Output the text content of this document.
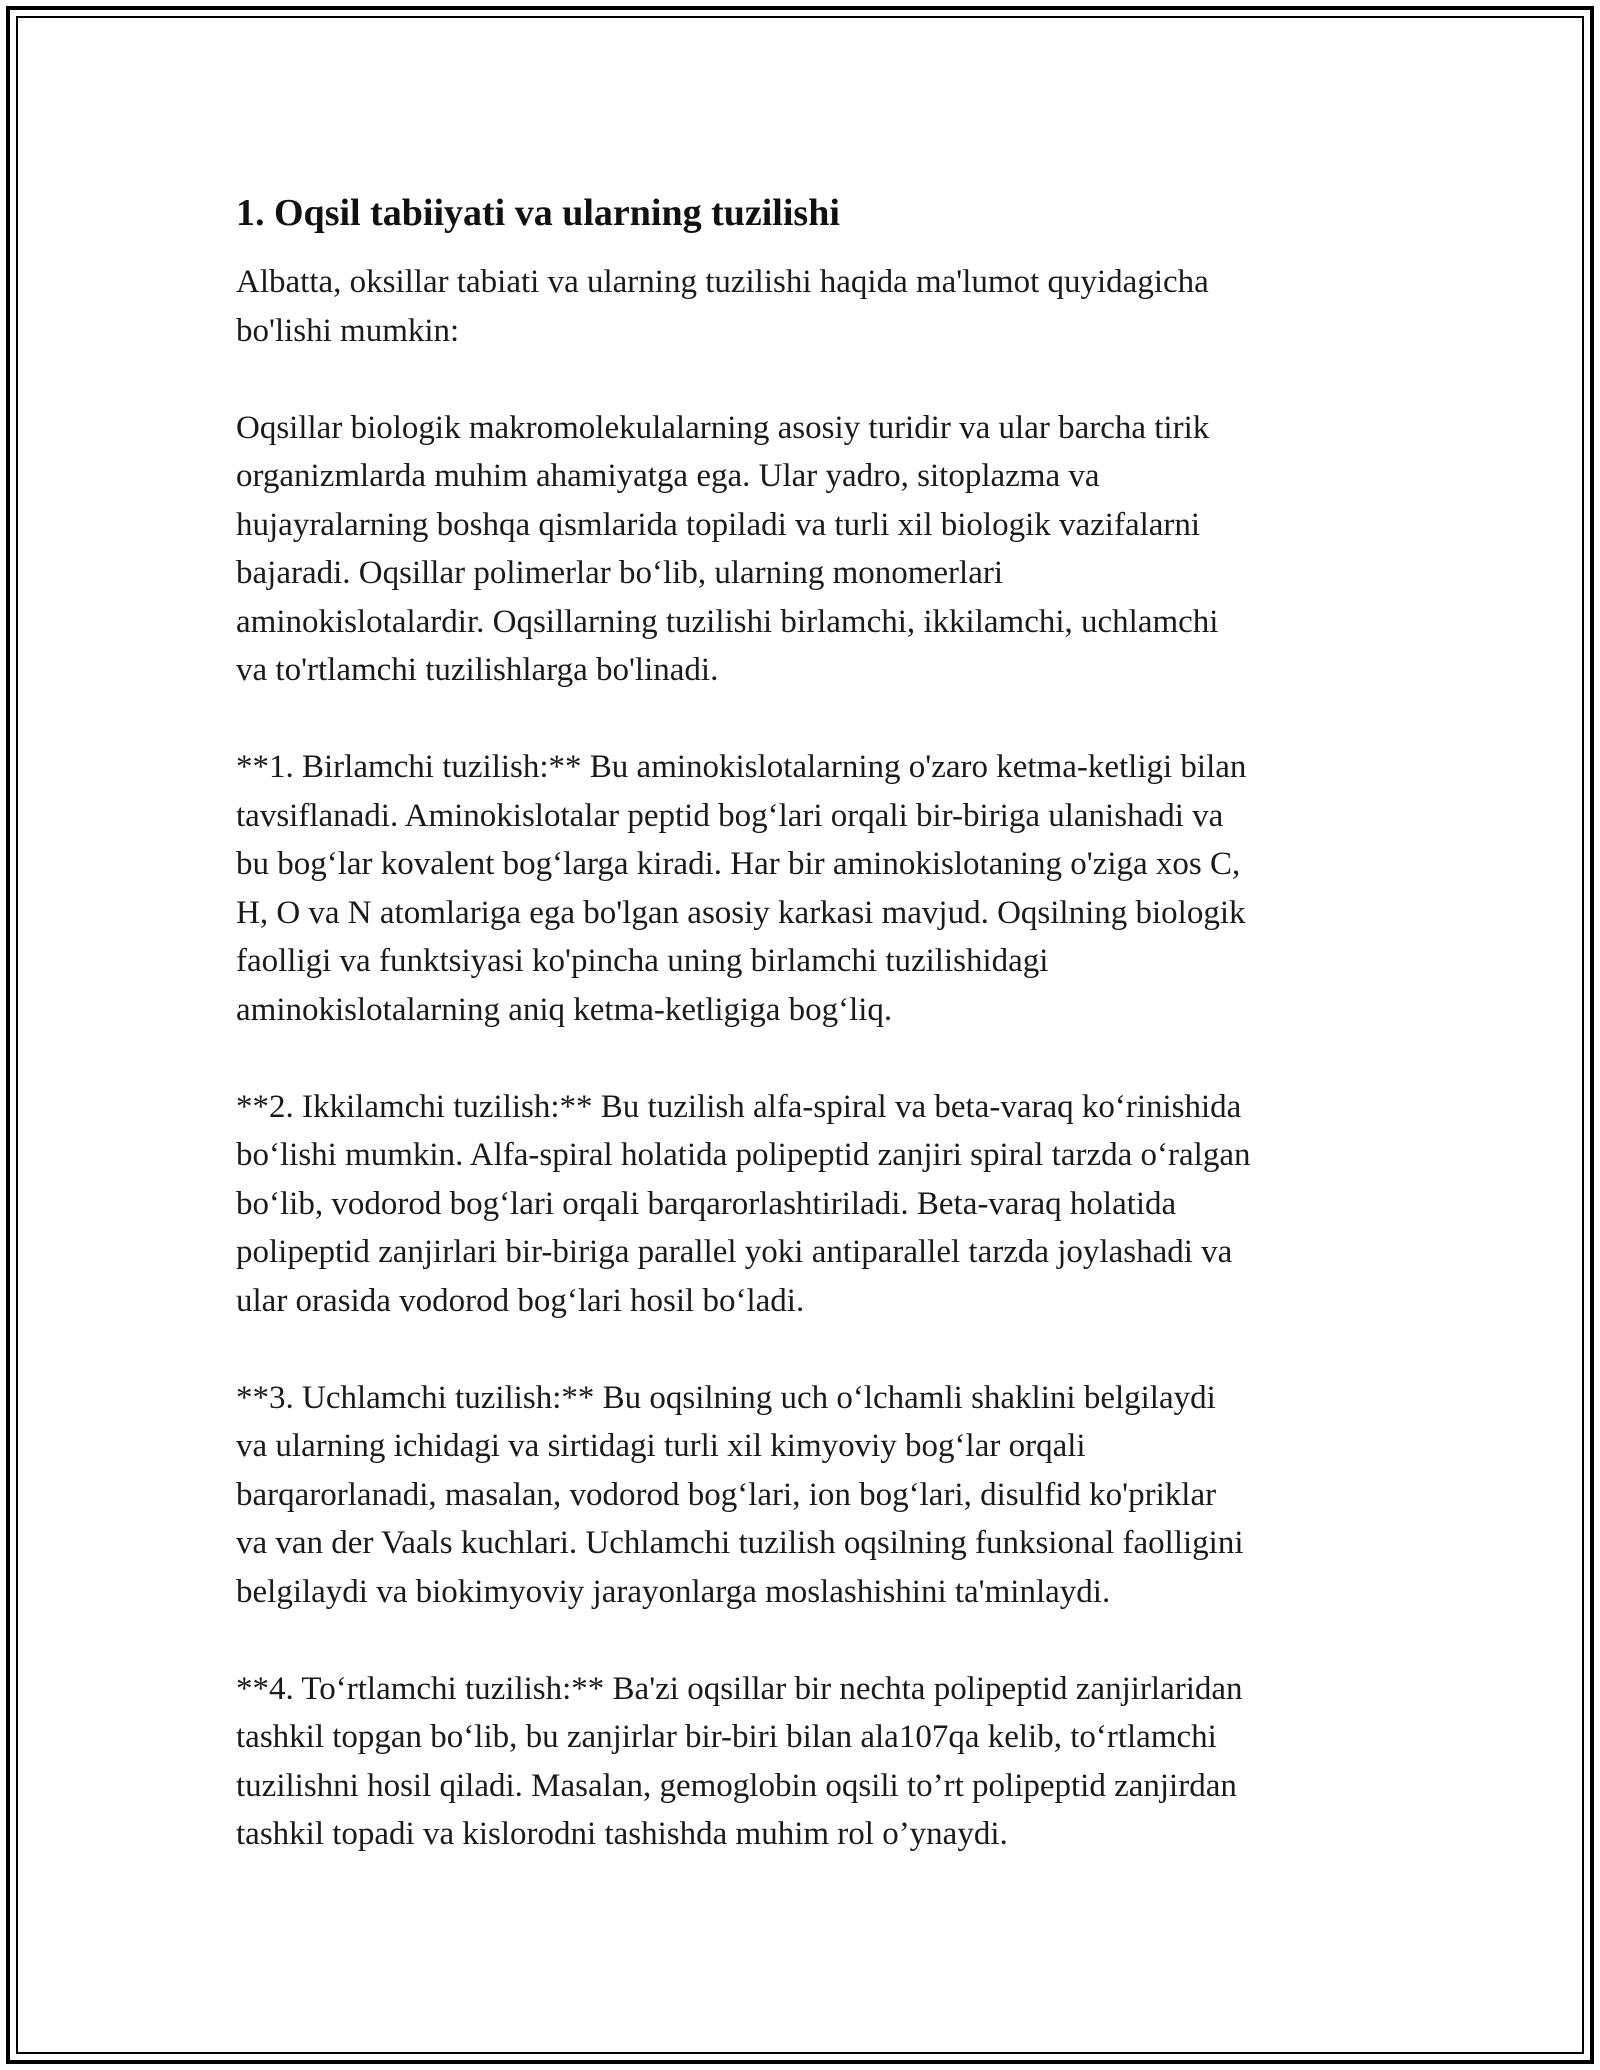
1. Oqsil tabiiyati va ularning tuzilishi

Albatta, oksillar tabiati va ularning tuzilishi haqida ma'lumot quyidagicha
bo'lishi mumkin:

Oqsillar biologik makromolekulalarning asosiy turidir va ular barcha tirik
organizmlarda muhim ahamiyatga ega. Ular yadro, sitoplazma va
hujayralarning boshqa qismlarida topiladi va turli xil biologik vazifalarni
bajaradi. Oqsillar polimerlar bo‘lib, ularning monomerlari
aminokislotalardir. Oqsillarning tuzilishi birlamchi, ikkilamchi, uchlamchi
va to'rtlamchi tuzilishlarga bo'linadi.

**1. Birlamchi tuzilish:** Bu aminokislotalarning o'zaro ketma-ketligi bilan
tavsiflanadi. Aminokislotalar peptid bog‘lari orqali bir-biriga ulanishadi va
bu bog‘lar kovalent bog‘larga kiradi. Har bir aminokislotaning o'ziga xos C,
H, O va N atomlariga ega bo'lgan asosiy karkasi mavjud. Oqsilning biologik
faolligi va funktsiyasi ko'pincha uning birlamchi tuzilishidagi
aminokislotalarning aniq ketma-ketligiga bog‘liq.

**2. Ikkilamchi tuzilish:** Bu tuzilish alfa-spiral va beta-varaq ko‘rinishida
bo‘lishi mumkin. Alfa-spiral holatida polipeptid zanjiri spiral tarzda o‘ralgan
bo‘lib, vodorod bog‘lari orqali barqarorlashtiriladi. Beta-varaq holatida
polipeptid zanjirlari bir-biriga parallel yoki antiparallel tarzda joylashadi va
ular orasida vodorod bog‘lari hosil bo‘ladi.

**3. Uchlamchi tuzilish:** Bu oqsilning uch o‘lchamli shaklini belgilaydi
va ularning ichidagi va sirtidagi turli xil kimyoviy bog‘lar orqali
barqarorlanadi, masalan, vodorod bog‘lari, ion bog‘lari, disulfid ko'priklar
va van der Vaals kuchlari. Uchlamchi tuzilish oqsilning funksional faolligini
belgilaydi va biokimyoviy jarayonlarga moslashishini ta'minlaydi.

**4. To‘rtlamchi tuzilish:** Ba'zi oqsillar bir nechta polipeptid zanjirlaridan
tashkil topgan bo‘lib, bu zanjirlar bir-biri bilan ala107qa kelib, to‘rtlamchi
tuzilishni hosil qiladi. Masalan, gemoglobin oqsili to’rt polipeptid zanjirdan
tashkil topadi va kislorodni tashishda muhim rol o’ynaydi.
